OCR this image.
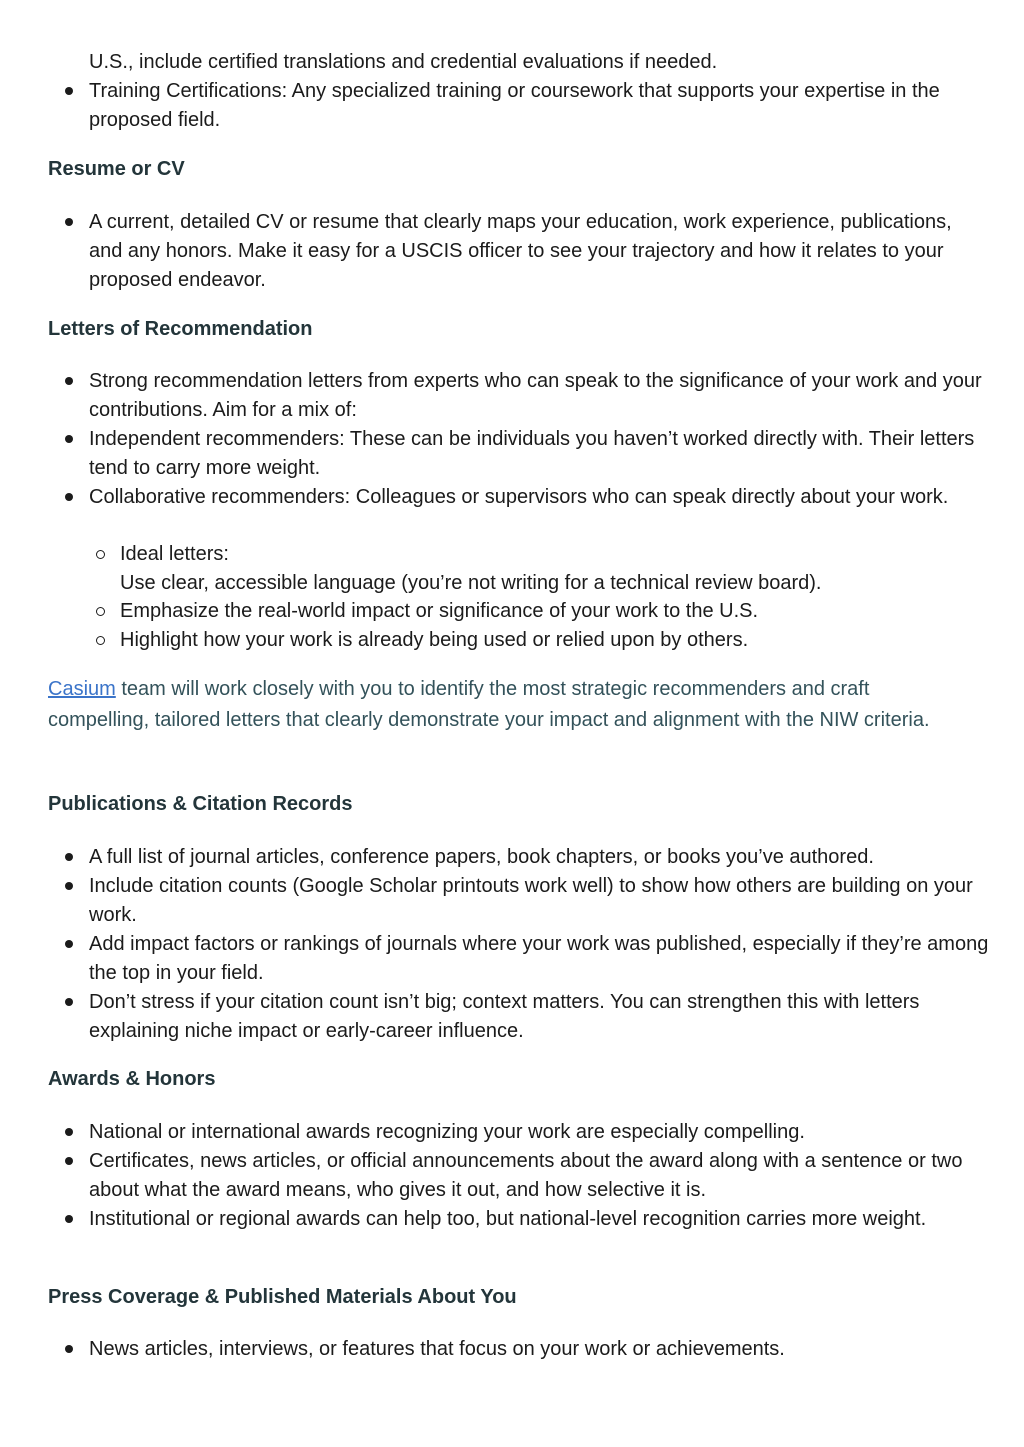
U.S., include certified translations and credential evaluations if needed.
Training Certifications: Any specialized training or coursework that supports your expertise in the proposed field.
Resume or CV
A current, detailed CV or resume that clearly maps your education, work experience, publications, and any honors. Make it easy for a USCIS officer to see your trajectory and how it relates to your proposed endeavor.
Letters of Recommendation
Strong recommendation letters from experts who can speak to the significance of your work and your contributions. Aim for a mix of:
Independent recommenders: These can be individuals you haven’t worked directly with. Their letters tend to carry more weight.
Collaborative recommenders: Colleagues or supervisors who can speak directly about your work.
Ideal letters:
Use clear, accessible language (you’re not writing for a technical review board).
Emphasize the real-world impact or significance of your work to the U.S.
Highlight how your work is already being used or relied upon by others.

Casium team will work closely with you to identify the most strategic recommenders and craft compelling, tailored letters that clearly demonstrate your impact and alignment with the NIW criteria.

Publications & Citation Records
A full list of journal articles, conference papers, book chapters, or books you’ve authored.
Include citation counts (Google Scholar printouts work well) to show how others are building on your work.
Add impact factors or rankings of journals where your work was published, especially if they’re among the top in your field.
Don’t stress if your citation count isn’t big; context matters. You can strengthen this with letters explaining niche impact or early-career influence.
Awards & Honors
National or international awards recognizing your work are especially compelling.
Certificates, news articles, or official announcements about the award along with a sentence or two about what the award means, who gives it out, and how selective it is.
Institutional or regional awards can help too, but national-level recognition carries more weight.
Press Coverage & Published Materials About You
News articles, interviews, or features that focus on your work or achievements.
